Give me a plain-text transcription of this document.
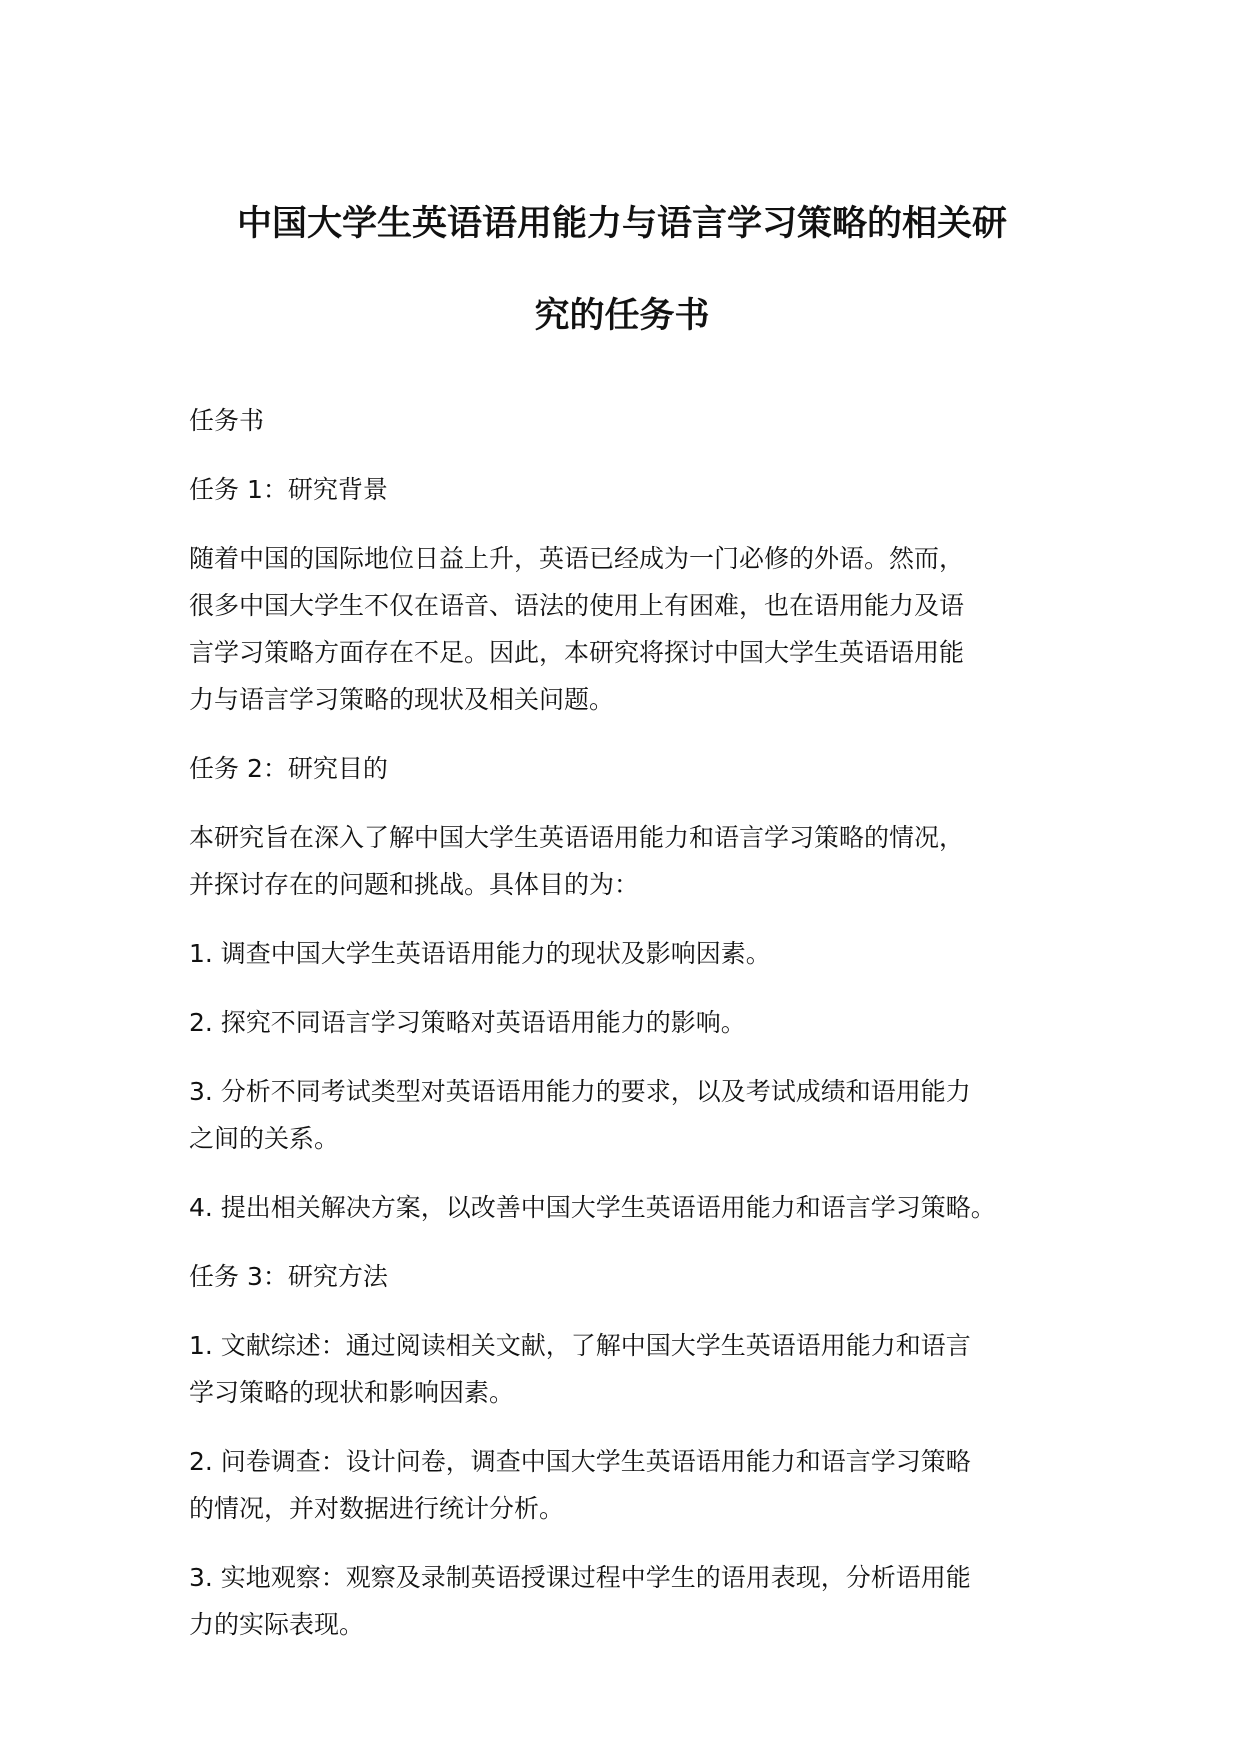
中国大学生英语语用能力与语言学习策略的相关研
究的任务书

任务书

任务 1：研究背景

随着中国的国际地位日益上升，英语已经成为一门必修的外语。然而，
很多中国大学生不仅在语音、语法的使用上有困难，也在语用能力及语
言学习策略方面存在不足。因此，本研究将探讨中国大学生英语语用能
力与语言学习策略的现状及相关问题。

任务 2：研究目的

本研究旨在深入了解中国大学生英语语用能力和语言学习策略的情况，
并探讨存在的问题和挑战。具体目的为：

1. 调查中国大学生英语语用能力的现状及影响因素。

2. 探究不同语言学习策略对英语语用能力的影响。

3. 分析不同考试类型对英语语用能力的要求，以及考试成绩和语用能力
之间的关系。

4. 提出相关解决方案，以改善中国大学生英语语用能力和语言学习策略。

任务 3：研究方法

1. 文献综述：通过阅读相关文献，了解中国大学生英语语用能力和语言
学习策略的现状和影响因素。

2. 问卷调查：设计问卷，调查中国大学生英语语用能力和语言学习策略
的情况，并对数据进行统计分析。

3. 实地观察：观察及录制英语授课过程中学生的语用表现，分析语用能
力的实际表现。
